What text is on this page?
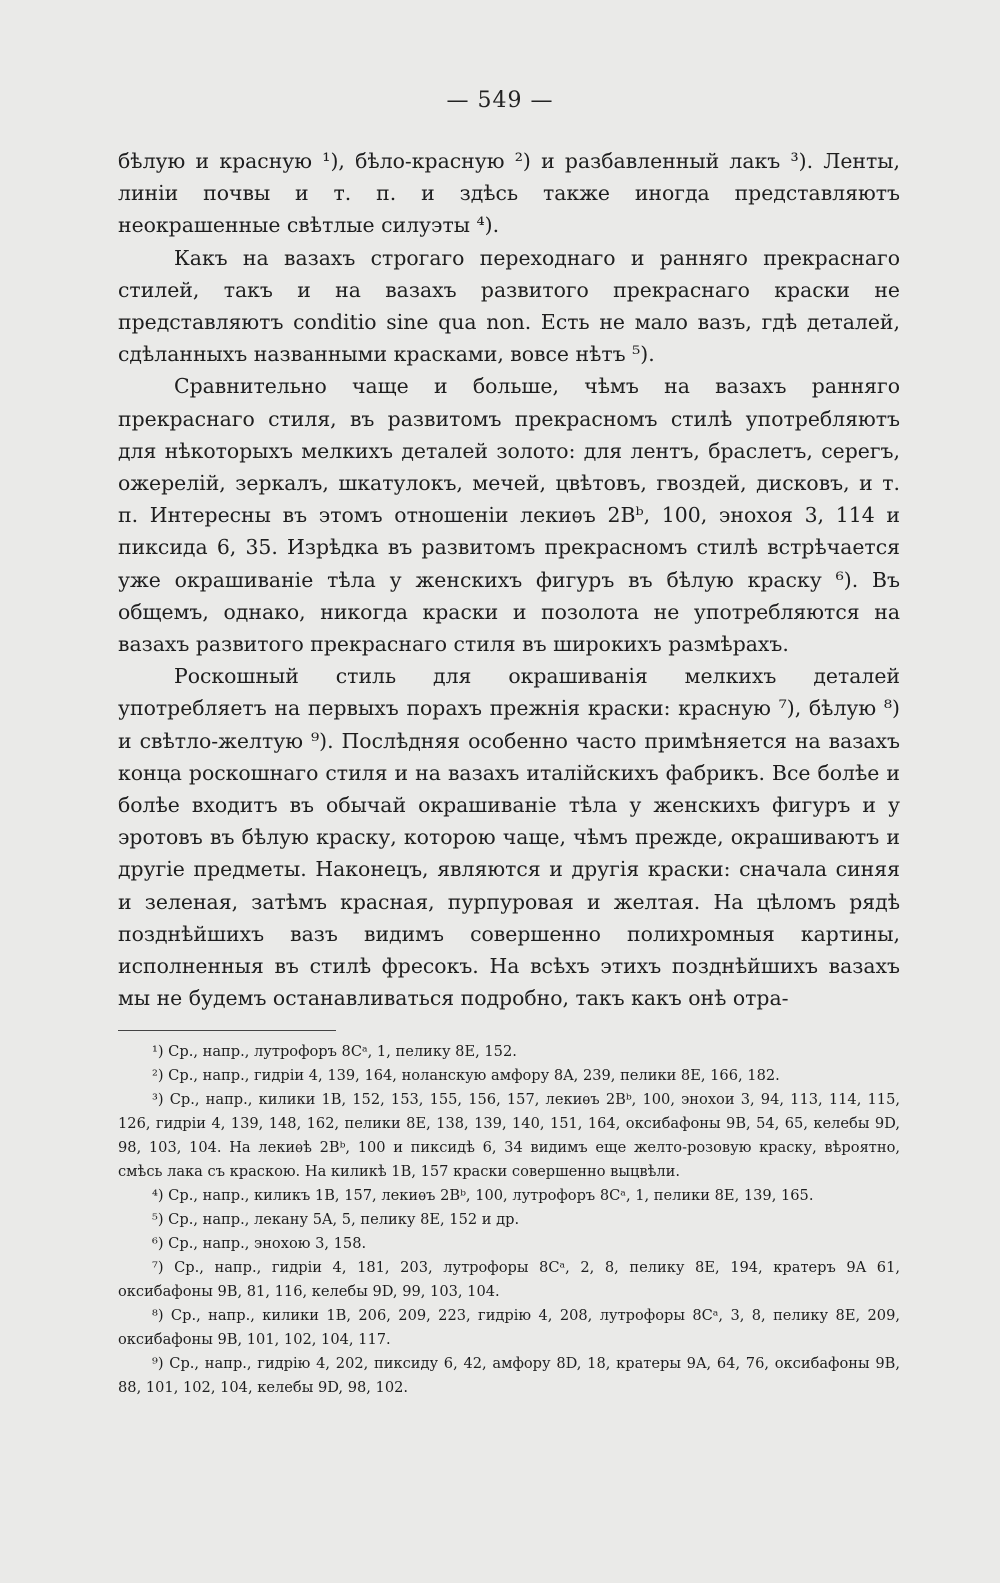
— 549 —

бѣлую и красную ¹), бѣло-красную ²) и разбавленный лакъ ³). Ленты, линiи почвы и т. п. и здѣсь также иногда представляютъ неокрашенные свѣтлые силуэты ⁴).

Какъ на вазахъ строгаго переходнаго и ранняго прекраснаго стилей, такъ и на вазахъ развитого прекраснаго краски не представляютъ conditio sine qua non. Есть не мало вазъ, гдѣ деталей, сдѣланныхъ названными красками, вовсе нѣтъ ⁵).

Сравнительно чаще и больше, чѣмъ на вазахъ ранняго прекраснаго стиля, въ развитомъ прекрасномъ стилѣ употребляютъ для нѣкоторыхъ мелкихъ деталей золото: для лентъ, браслетъ, серегъ, ожерелiй, зеркалъ, шкатулокъ, мечей, цвѣтовъ, гвоздей, дисковъ, и т. п. Интересны въ этомъ отношенiи лекиѳъ 2Bᵇ, 100, энохоя 3, 114 и пиксида 6, 35. Изрѣдка въ развитомъ прекрасномъ стилѣ встрѣчается уже окрашиванiе тѣла у женскихъ фигуръ въ бѣлую краску ⁶). Въ общемъ, однако, никогда краски и позолота не употребляются на вазахъ развитого прекраснаго стиля въ широкихъ размѣрахъ.

Роскошный стиль для окрашиванiя мелкихъ деталей употребляетъ на первыхъ порахъ прежнiя краски: красную ⁷), бѣлую ⁸) и свѣтло-желтую ⁹). Послѣдняя особенно часто примѣняется на вазахъ конца роскошнаго стиля и на вазахъ италiйскихъ фабрикъ. Все болѣе и болѣе входитъ въ обычай окрашиванiе тѣла у женскихъ фигуръ и у эротовъ въ бѣлую краску, которою чаще, чѣмъ прежде, окрашиваютъ и другiе предметы. Наконецъ, являются и другiя краски: сначала синяя и зеленая, затѣмъ красная, пурпуровая и желтая. На цѣломъ рядѣ позднѣйшихъ вазъ видимъ совершенно полихромныя картины, исполненныя въ стилѣ фресокъ. На всѣхъ этихъ позднѣйшихъ вазахъ мы не будемъ останавливаться подробно, такъ какъ онѣ отра-

¹) Ср., напр., лутрофоръ 8Cᵃ, 1, пелику 8E, 152.

²) Ср., напр., гидрiи 4, 139, 164, ноланскую амфору 8A, 239, пелики 8E, 166, 182.

³) Ср., напр., килики 1B, 152, 153, 155, 156, 157, лекиѳъ 2Bᵇ, 100, энохои 3, 94, 113, 114, 115, 126, гидрiи 4, 139, 148, 162, пелики 8E, 138, 139, 140, 151, 164, оксибафоны 9B, 54, 65, келебы 9D, 98, 103, 104. На лекиѳѣ 2Bᵇ, 100 и пиксидѣ 6, 34 видимъ еще желто-розовую краску, вѣроятно, смѣсь лака съ краскою. На киликѣ 1B, 157 краски совершенно выцвѣли.

⁴) Ср., напр., киликъ 1B, 157, лекиѳъ 2Bᵇ, 100, лутрофоръ 8Cᵃ, 1, пелики 8E, 139, 165.

⁵) Ср., напр., лекану 5A, 5, пелику 8E, 152 и др.

⁶) Ср., напр., энохою 3, 158.

⁷) Ср., напр., гидрiи 4, 181, 203, лутрофоры 8Cᵃ, 2, 8, пелику 8E, 194, кратеръ 9A 61, оксибафоны 9B, 81, 116, келебы 9D, 99, 103, 104.

⁸) Ср., напр., килики 1B, 206, 209, 223, гидрiю 4, 208, лутрофоры 8Cᵃ, 3, 8, пелику 8E, 209, оксибафоны 9B, 101, 102, 104, 117.

⁹) Ср., напр., гидрiю 4, 202, пиксиду 6, 42, амфору 8D, 18, кратеры 9A, 64, 76, оксибафоны 9B, 88, 101, 102, 104, келебы 9D, 98, 102.
